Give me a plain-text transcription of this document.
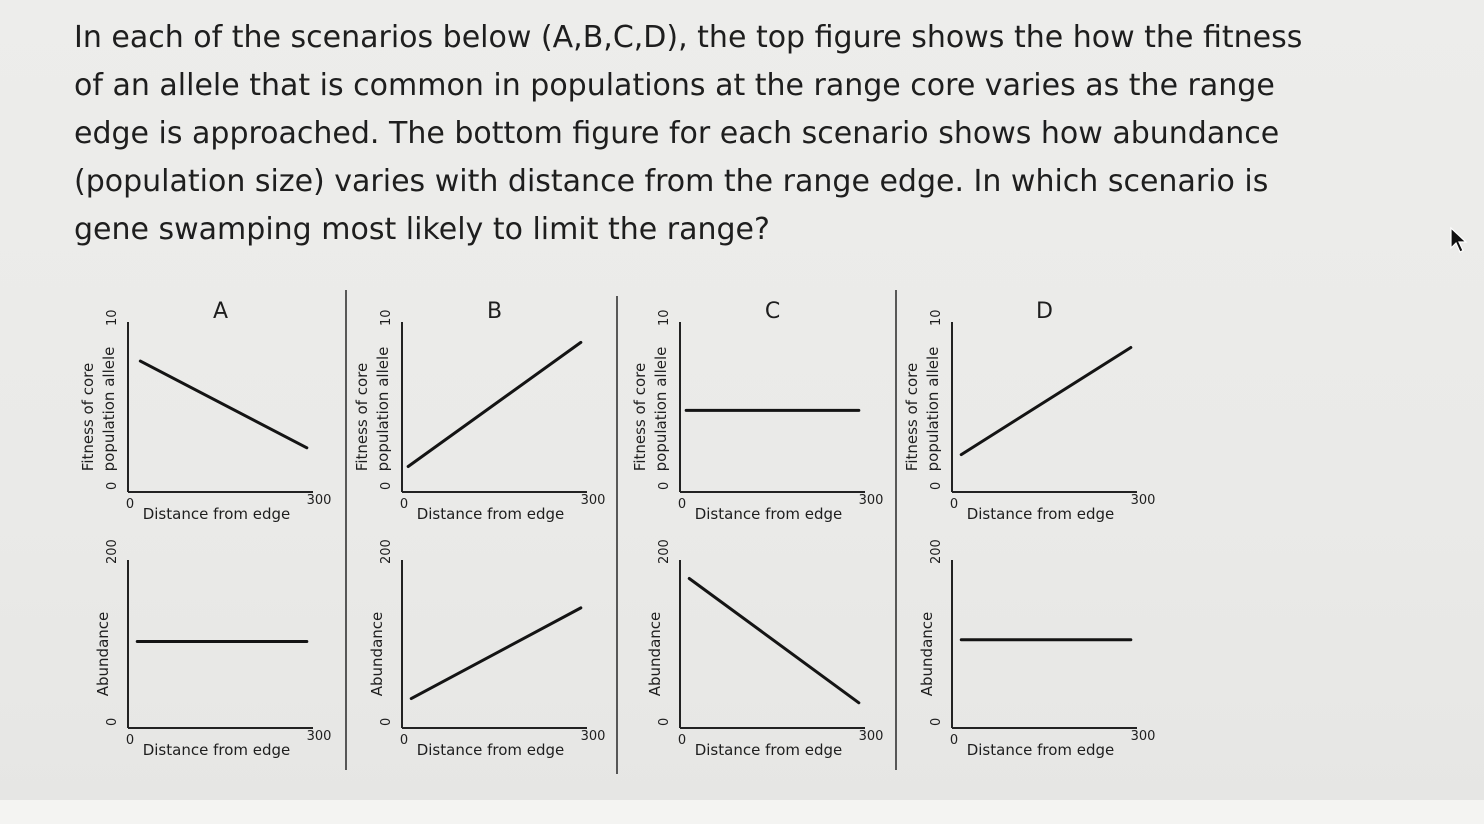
In each of the scenarios below (A,B,C,D), the top figure shows the how the fitness of an allele that is common in populations at the range core varies as the range edge is approached. The bottom figure for each scenario shows how abundance (population size) varies with distance from the range edge. In which scenario is gene swamping most likely to limit the range?

A
0	300
0
10
Distance from edge
Fitness of core population allele
0	300
0
200
Distance from edge
Abundance
B
0	300
0
10
Distance from edge
Fitness of core population allele
0	300
0
200
Distance from edge
Abundance
C
0	300
0
10
Distance from edge
Fitness of core population allele
0	300
0
200
Distance from edge
Abundance
D
0	300
0
10
Distance from edge
Fitness of core population allele
0	300
0
200
Distance from edge
Abundance
